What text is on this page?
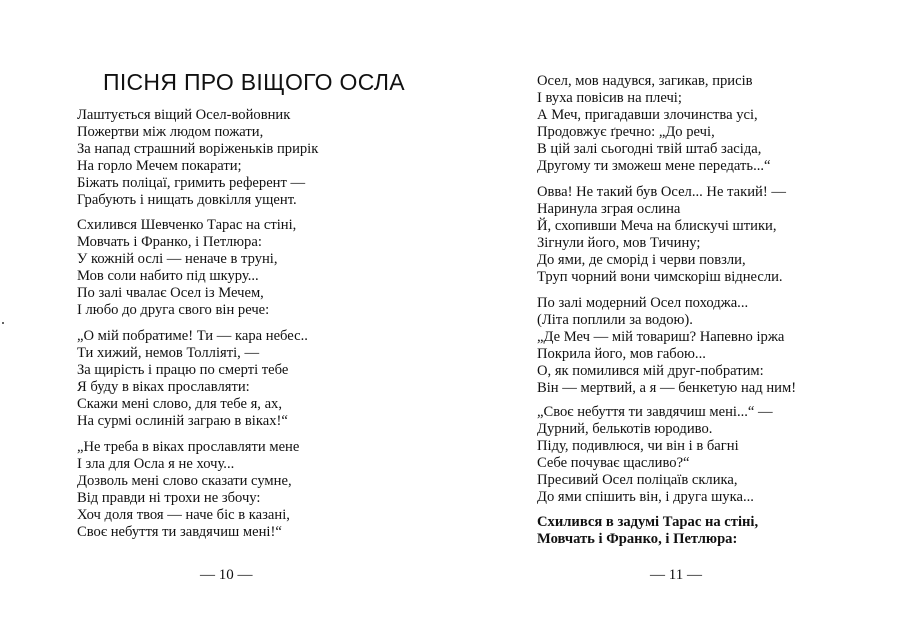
ПІСНЯ ПРО ВІЩОГО ОСЛА
Лаштується віщий Осел-войовник
Пожертви між людом пожати,
За напад страшний воріженьків прирік
На горло Мечем покарати;
Біжать поліцаї, гримить референт —
Грабують і нищать довкілля ущент.
Схилився Шевченко Тарас на стіні,
Мовчать і Франко, і Петлюра:
У кожній ослі — неначе в труні,
Мов соли набито під шкуру...
По залі чвалає Осел із Мечем,
І любо до друга свого він рече:
„О мій побратиме! Ти — кара небес..
Ти хижий, немов Толліяті, —
За щирість і працю по смерті тебе
Я буду в віках прославляти:
Скажи мені слово, для тебе я, ах,
На сурмі ослиній заграю в віках!“
„Не треба в віках прославляти мене
І зла для Осла я не хочу...
Дозволь мені слово сказати сумне,
Від правди ні трохи не збочу:
Хоч доля твоя — наче біс в казані,
Своє небуття ти завдячиш мені!“
— 10 —
Осел, мов надувся, загикав, присів
І вуха повісив на плечі;
А Меч, пригадавши злочинства усі,
Продовжує ґречно: „До речі,
В цій залі сьогодні твій штаб засіда,
Другому ти зможеш мене передать...“
Овва! Не такий був Осел... Не такий! —
Наринула зграя ослина
Й, схопивши Меча на блискучі штики,
Зігнули його, мов Тичину;
До ями, де сморід і черви повзли,
Труп чорний вони чимскоріш віднесли.
По залі модерний Осел походжа...
(Літа поплили за водою).
„Де Меч — мій товариш? Напевно іржа
Покрила його, мов габою...
О, як помилився мій друг-побратим:
Він — мертвий, а я — бенкетую над ним!
„Своє небуття ти завдячиш мені...“ —
Дурний, белькотів юродиво.
Піду, подивлюся, чи він і в багні
Себе почуває щасливо?“
Пресивий Осел поліцаїв склика,
До ями спішить він, і друга шука...
Схилився в задумі Тарас на стіні,
Мовчать і Франко, і Петлюра:
— 11 —
